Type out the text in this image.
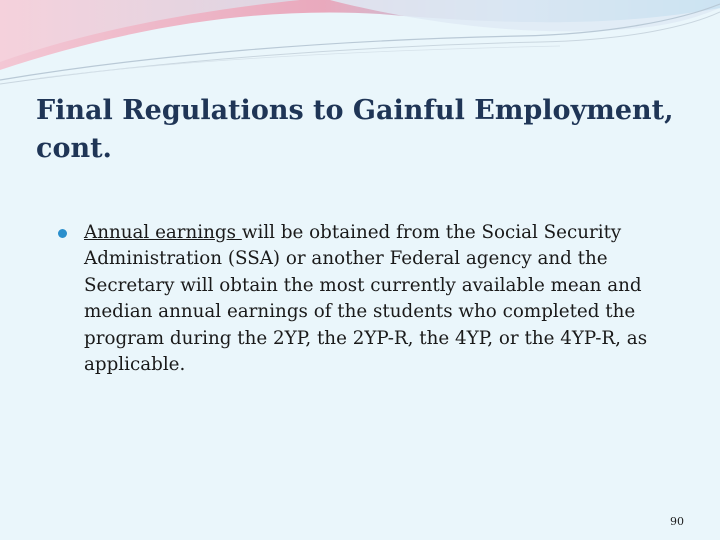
Final Regulations to Gainful Employment, cont.
Annual earnings will be obtained from the Social Security Administration (SSA) or another Federal agency and the Secretary will obtain the most currently available mean and median annual earnings of the students who completed the program during the 2YP, the 2YP-R, the 4YP, or the 4YP-R, as applicable.
90
